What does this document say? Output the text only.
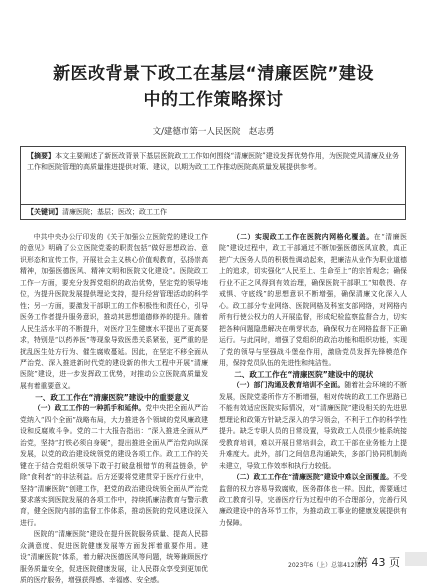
新医改背景下政工在基层“清廉医院”建设
中的工作策略探讨
文/建德市第一人民医院　赵志勇
【摘要】本文主要阐述了新医改背景下基层医院政工工作如何围绕“清廉医院”建设发挥优势作用，为医院党风清廉及业务工作和医院管理的高质量推进提供对策、建议，以期为政工工作推动医院高质量发展提供参考。
【关键词】清廉医院；基层；医改；政工工作

中共中央办公厅印发的《关于加强公立医院党的建设工作的意见》明确了公立医院党委的职责包括“做好思想政治、意识形态和宣传工作，开展社会主义核心价值观教育，弘扬崇高精神，加强医德医风、精神文明和医院文化建设”。医院政工工作一方面，要充分发挥党组织的政治优势，坚定党的领导地位，为提升医院发展提供理论支持，提升经营管理活动的科学性；另一方面，要激发干部职工的工作积极性和责任心，引导医务工作者提升服务意识，推动其思想道德修养的提升。随着人民生活水平的不断提升，对医疗卫生健康水平提出了更高要求，特别是“以药养医”等现象导致医患关系紧张，更严重的是扰乱医生处方行为、催生腐败蔓延。因此，在坚定不移全面从严治党、深入推进新时代党的建设新的伟大工程中开展“清廉医院”建设，进一步发挥政工优势，对推动公立医院高质量发展有着重要意义。

一、政工工作在“清廉医院”建设中的重要意义

（一）政工工作的一种抓手和延伸。党中央把全面从严治党纳入“四个全面”战略布局，大力推进各个领域的党风廉政建设和反腐败斗争。党的二十大报告指出：“深入推进全面从严治党，坚持“打铁必须自身硬”，提出推进全面从严治党向纵深发展，以党的政治建设统领党的建设各项工作。政工工作的关键在于结合党组织领导下敢于打破盘根错节的利益链条，铲除“食利者”的非法利益。后方还要将党建贯穿于医疗行业中，坚持“清廉医院”创建工作，把党的政治建设统领全面从严治党要求落实到医院发展的各项工作中，持续抓廉洁教育与警示教育，健全医院内部的监督工作体系，推动医院的党风建设深入进行。

医院的“清廉医院”建设在提升医院服务质量、提高人民群众满意度、促进医院健康发展等方面发挥着重要作用。建设“清廉医院”体系，着力解决医德医风等问题，统筹兼顾医疗服务质量安全，促进医院健康发展，让人民群众享受到更加优质的医疗服务，增强获得感、幸福感、安全感。

（二）实现政工工作在医院内网格化覆盖。在“清廉医院”建设过程中，政工干部通过不断加强医德医风宣教，真正把广大医务人员的积极性调动起来，把廉洁从业作为职业道德上的追求，切实强化“人民至上、生命至上”的宗旨观念；确保行业不正之风得到有效治理，确保医院干部职工“知敬畏、存戒惧、守底线”的思想意识不断增强，确保清廉文化深入人心。政工部分专业网络、医院网格及科室支部网络，对网格内所有行使公权力的人开展监督，形成纪检监察监督合力，切实把各种问题隐患解决在萌芽状态，确保权力在网格监督下正确运行。与此同时，增强了党组织的政治功能和组织功能，实现了党的领导与坚强战斗堡垒作用，激励党员发挥先锋模范作用，保持党员队伍的先进性和纯洁性。

二、政工工作在“清廉医院”建设中的现状

（一）部门沟通及教育培训不全面。随着社会环境的不断发展，医院党委所作方不断增强，相对传统的政工工作思路已不能有效适应医院实际情况，对“清廉医院”建设相关的先进思想理论和政策方针缺乏深入的学习领会，不利于工作的科学性提升。缺乏专职人员的日常设置，导致政工人员很少能系统接受教育培训，难以开展日常培训会，政工干部在业务能力上提升难度大。此外，部门之间信息沟通缺失，多部门协同机制尚未建立，导致工作效率和执行力较低。

（二）政工工作在“清廉医院”建设中难以全面覆盖。不受监督的权力容易导致腐败，医务群体也一样。因此，需要通过政工教育引导，完善医疗行为过程中的不合理部分，完善行风廉政建设中的各环节工作，为推动政工事业的健康发展提供有力保障。

2023年6（上）总第412期
第 43 页
